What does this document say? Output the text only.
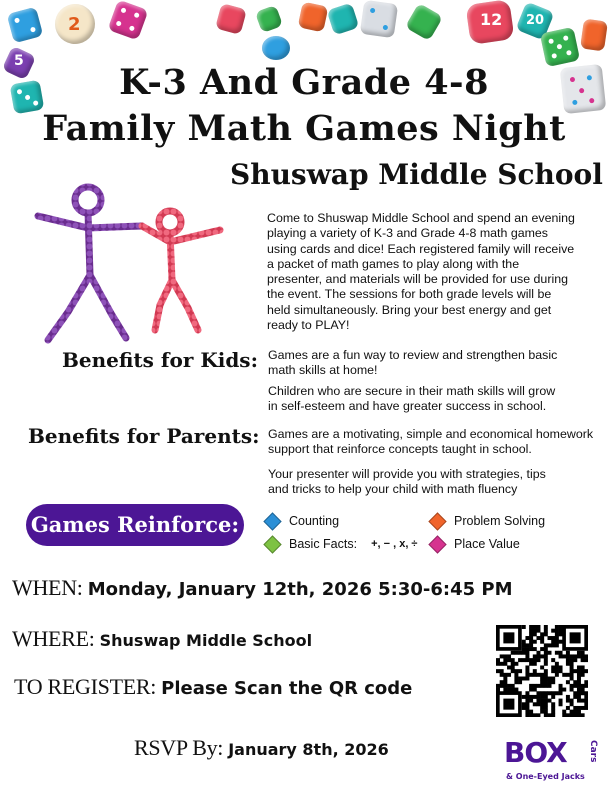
2
5
12 20
K-3 And Grade 4-8
Family Math Games Night
Shuswap Middle School
Come to Shuswap Middle School and spend an evening playing a variety of K-3 and Grade 4-8 math games using cards and dice! Each registered family will receive a packet of math games to play along with the presenter, and materials will be provided for use during the event. The sessions for both grade levels will be held simultaneously. Bring your best energy and get ready to PLAY!
Benefits for Kids: Games are a fun way to review and strengthen basic math skills at home!
Children who are secure in their math skills will grow in self-esteem and have greater success in school.
Benefits for Parents: Games are a motivating, simple and economical homework support that reinforce concepts taught in school.
Your presenter will provide you with strategies, tips and tricks to help your child with math fluency
Games Reinforce:	Counting
Basic Facts: +, − , x, ÷
Problem Solving
Place Value
WHEN: Monday, January 12th, 2026 5:30-6:45 PM
WHERE: Shuswap Middle School
TO REGISTER: Please Scan the QR code
RSVP By: January 8th, 2026	BOX Cars
& One-Eyed Jacks
